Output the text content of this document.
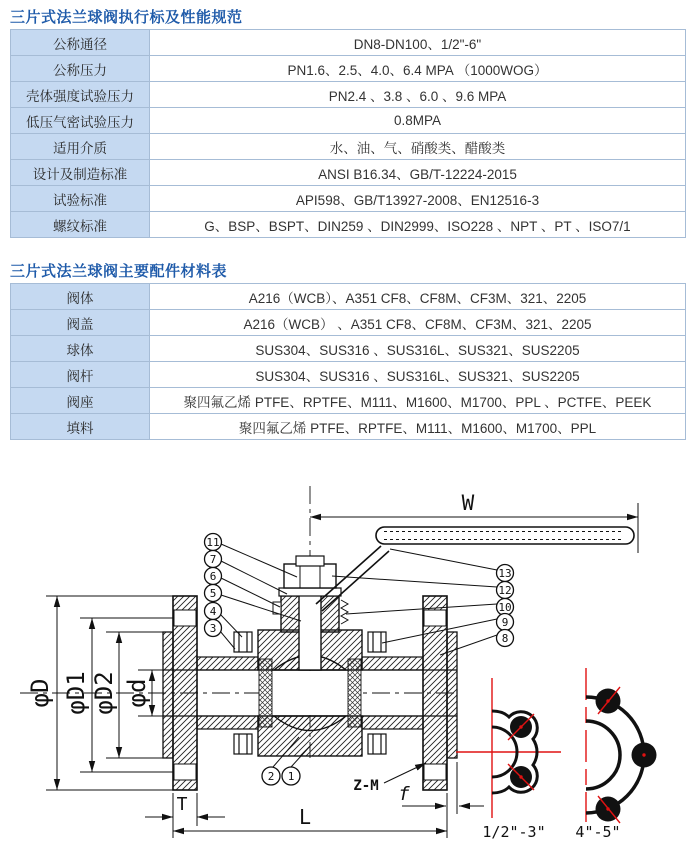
三片式法兰球阀执行标及性能规范
公称通径	DN8-DN100、1/2"-6"
公称压力	PN1.6、2.5、4.0、6.4 MPA （1000WOG）
壳体强度试验压力	PN2.4 、3.8 、6.0 、9.6 MPA
低压气密试验压力	0.8MPA
适用介质	水、油、气、硝酸类、醋酸类
设计及制造标准	ANSI B16.34、GB/T-12224-2015
试验标准	API598、GB/T13927-2008、EN12516-3
螺纹标准	G、BSP、BSPT、DIN259 、DIN2999、ISO228 、NPT 、PT 、ISO7/1
三片式法兰球阀主要配件材料表
阀体	A216（WCB）、A351 CF8、CF8M、CF3M、321、2205
阀盖	A216（WCB） 、A351 CF8、CF8M、CF3M、321、2205
球体	SUS304、SUS316 、SUS316L、SUS321、SUS2205
阀杆	SUS304、SUS316 、SUS316L、SUS321、SUS2205
阀座	聚四氟乙烯 PTFE、RPTFE、M111、M1600、M1700、PPL 、PCTFE、PEEK
填料	聚四氟乙烯 PTFE、RPTFE、M111、M1600、M1700、PPL
W
φD φD1 φD2 φd
T
L
f
Z-M
11
7
6
5
4
3
13
12
10
9
8
2 1
1/2"-3" 4"-5"
